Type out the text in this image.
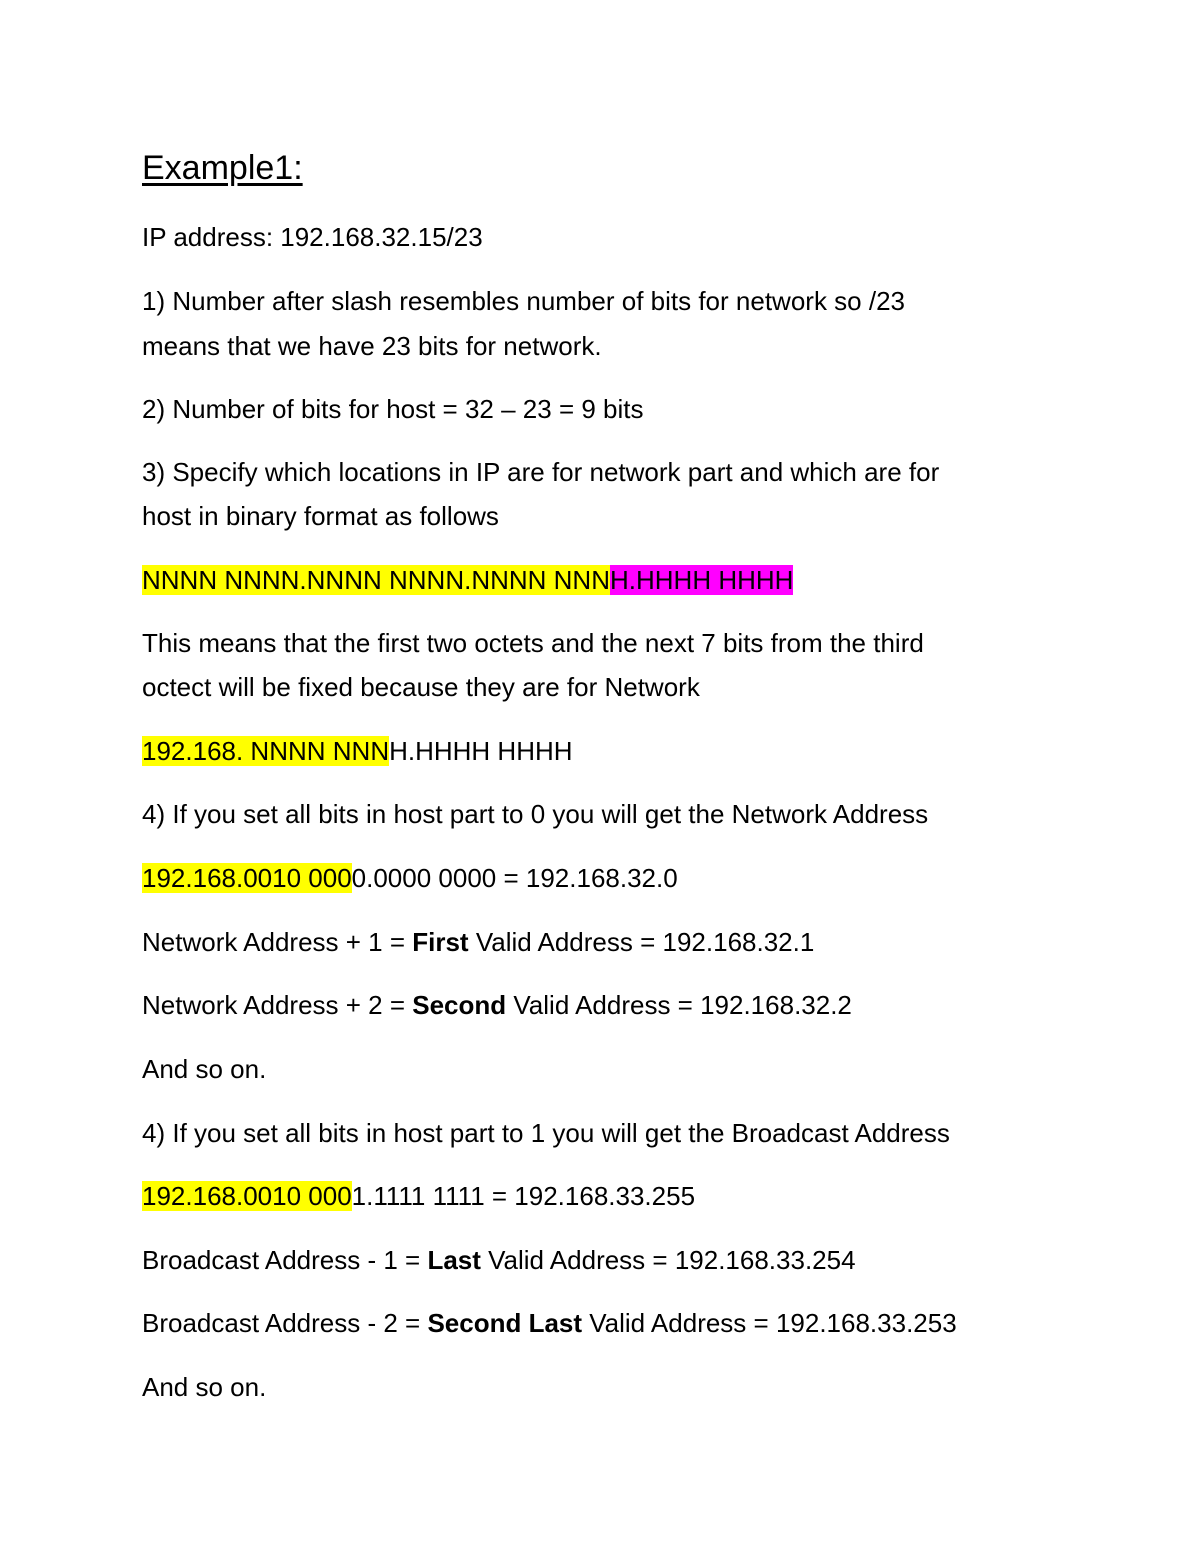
Example1:
IP address: 192.168.32.15/23
1) Number after slash resembles number of bits for network so /23
means that we have 23 bits for network.
2) Number of bits for host = 32 – 23 = 9 bits
3) Specify which locations in IP are for network part and which are for
host in binary format as follows
NNNN NNNN.NNNN NNNN.NNNN NNNH.HHHH HHHH
This means that the first two octets and the next 7 bits from the third
octect will be fixed because they are for Network
192.168. NNNN NNNH.HHHH HHHH
4) If you set all bits in host part to 0 you will get the Network Address
192.168.0010 0000.0000 0000 = 192.168.32.0
Network Address + 1 = First Valid Address = 192.168.32.1
Network Address + 2 = Second Valid Address = 192.168.32.2
And so on.
4) If you set all bits in host part to 1 you will get the Broadcast Address
192.168.0010 0001.1111 1111 = 192.168.33.255
Broadcast Address - 1 = Last Valid Address = 192.168.33.254
Broadcast Address - 2 = Second Last Valid Address = 192.168.33.253
And so on.
